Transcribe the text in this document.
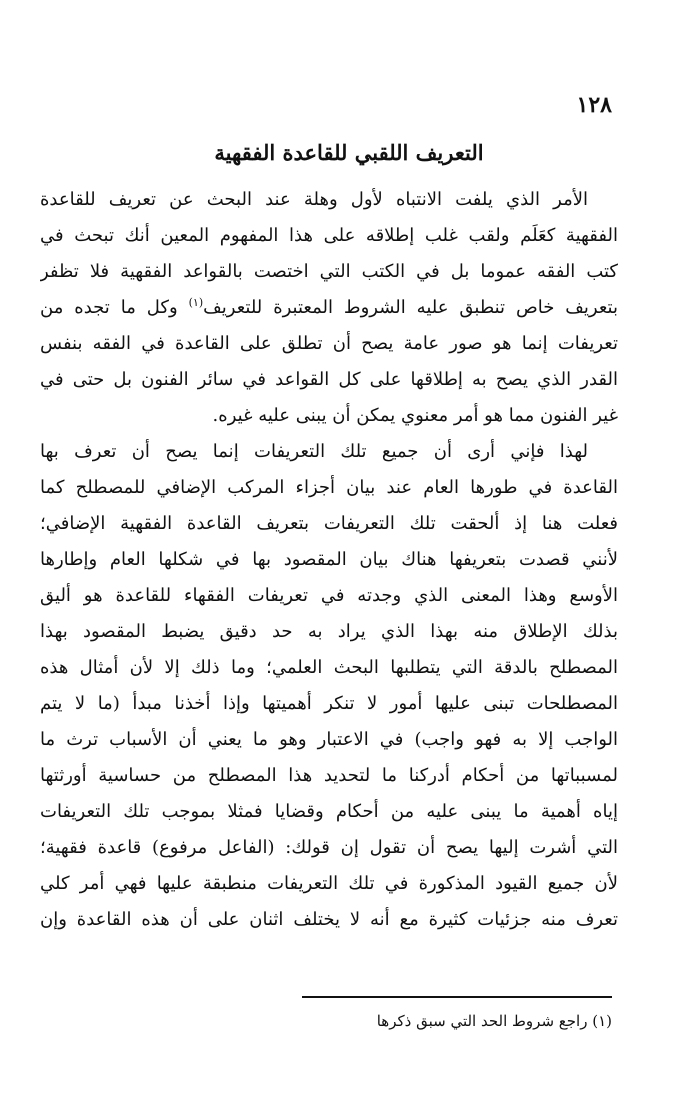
١٢٨
التعريف اللقبي للقاعدة الفقهية
الأمر الذي يلفت الانتباه لأول وهلة عند البحث عن تعريف للقاعدة
الفقهية كعَلَم ولقب غلب إطلاقه على هذا المفهوم المعين أنك تبحث في
كتب الفقه عموما بل في الكتب التي اختصت بالقواعد الفقهية فلا تظفر
بتعريف خاص تنطبق عليه الشروط المعتبرة للتعريف$^{(١)}$ وكل ما تجده من
تعريفات إنما هو صور عامة يصح أن تطلق على القاعدة في الفقه بنفس
القدر الذي يصح به إطلاقها على كل القواعد في سائر الفنون بل حتى في
غير الفنون مما هو أمر معنوي يمكن أن يبنى عليه غيره.
لهذا فإني أرى أن جميع تلك التعريفات إنما يصح أن تعرف بها
القاعدة في طورها العام عند بيان أجزاء المركب الإضافي للمصطلح كما
فعلت هنا إذ ألحقت تلك التعريفات بتعريف القاعدة الفقهية الإضافي؛
لأنني قصدت بتعريفها هناك بيان المقصود بها في شكلها العام وإطارها
الأوسع وهذا المعنى الذي وجدته في تعريفات الفقهاء للقاعدة هو أليق
بذلك الإطلاق منه بهذا الذي يراد به حد دقيق يضبط المقصود بهذا
المصطلح بالدقة التي يتطلبها البحث العلمي؛ وما ذلك إلا لأن أمثال هذه
المصطلحات تبنى عليها أمور لا تنكر أهميتها وإذا أخذنا مبدأ (ما لا يتم
الواجب إلا به فهو واجب) في الاعتبار وهو ما يعني أن الأسباب ترث ما
لمسبباتها من أحكام أدركنا ما لتحديد هذا المصطلح من حساسية أورثتها
إياه أهمية ما يبنى عليه من أحكام وقضايا فمثلا بموجب تلك التعريفات
التي أشرت إليها يصح أن تقول إن قولك: (الفاعل مرفوع) قاعدة فقهية؛
لأن جميع القيود المذكورة في تلك التعريفات منطبقة عليها فهي أمر كلي
تعرف منه جزئيات كثيرة مع أنه لا يختلف اثنان على أن هذه القاعدة وإن
(١) راجع شروط الحد التي سبق ذكرها
